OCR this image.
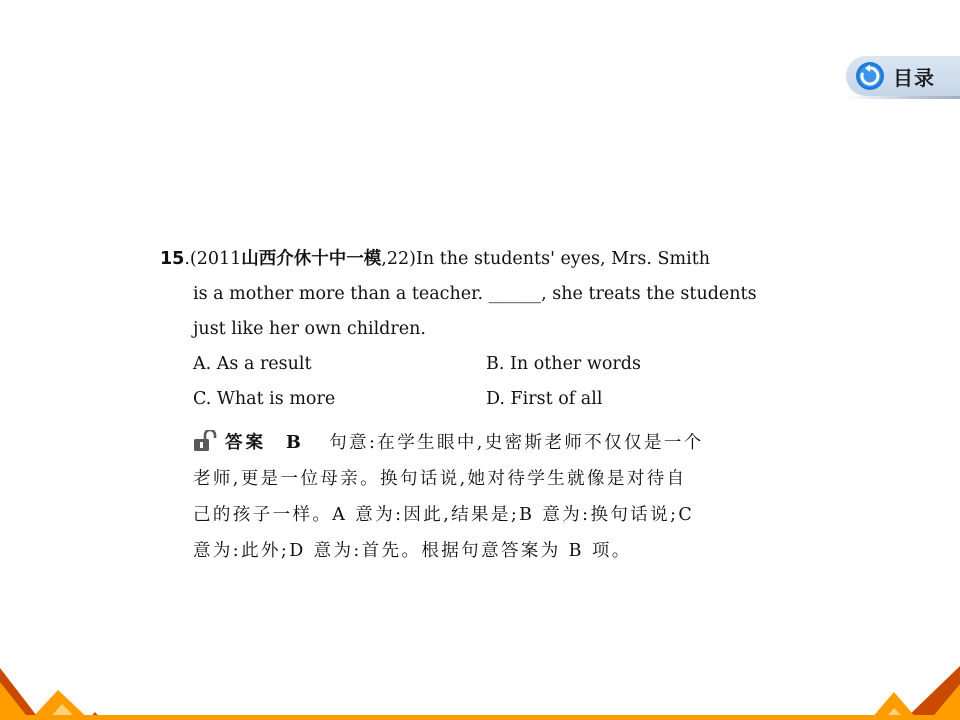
目录
15 .(2011 山西介休十中一模 ,22) In the students' eyes, Mrs. Smith
is a mother more than a teacher. ______, she treats the students
just like her own children.
A. As a result	B. In other words
C. What is more	D. First of all
答案 B 句意:在学生眼中,史密斯老师不仅仅是一个
老师,更是一位母亲。换句话说,她对待学生就像是对待自
己的孩子一样。A 意为:因此,结果是;B 意为:换句话说;C
意为:此外;D 意为:首先。根据句意答案为 B 项。
